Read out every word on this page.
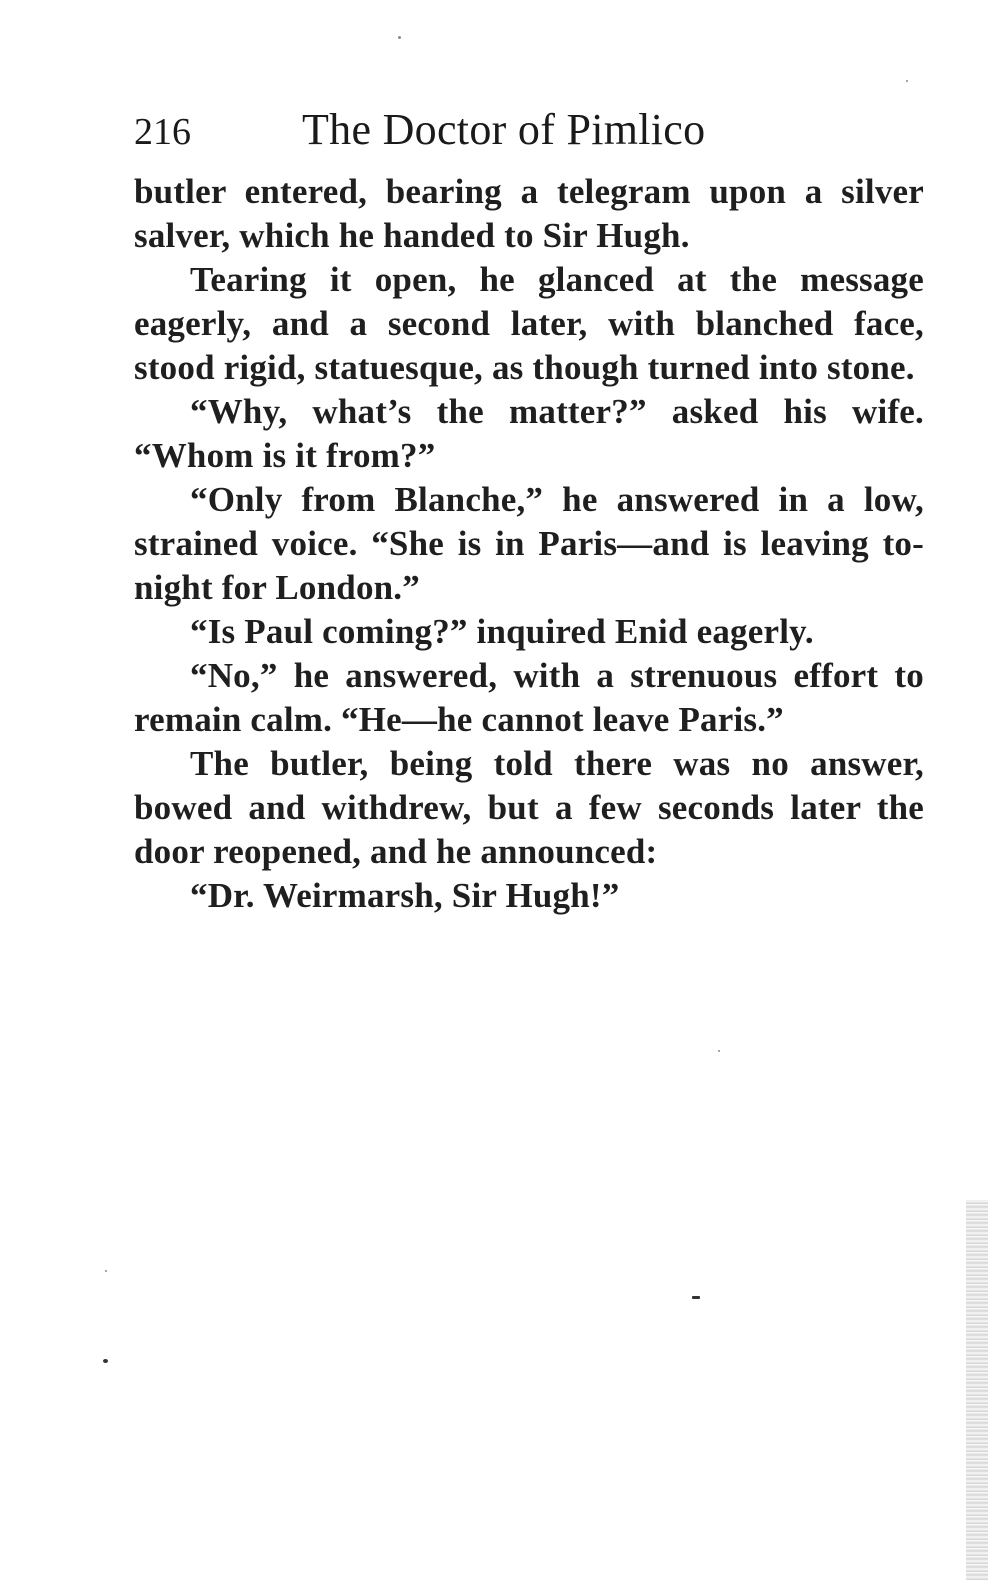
216	The Doctor of Pimlico

butler entered, bearing a telegram upon a silver salver, which he handed to Sir Hugh.

Tearing it open, he glanced at the message eagerly, and a second later, with blanched face, stood rigid, statuesque, as though turned into stone.

“Why, what’s the matter?” asked his wife. “Whom is it from?”

“Only from Blanche,” he answered in a low, strained voice. “She is in Paris—and is leaving to-night for London.”

“Is Paul coming?” inquired Enid eagerly.

“No,” he answered, with a strenuous effort to remain calm. “He—he cannot leave Paris.”

The butler, being told there was no answer, bowed and withdrew, but a few seconds later the door reopened, and he announced:

“Dr. Weirmarsh, Sir Hugh!”
